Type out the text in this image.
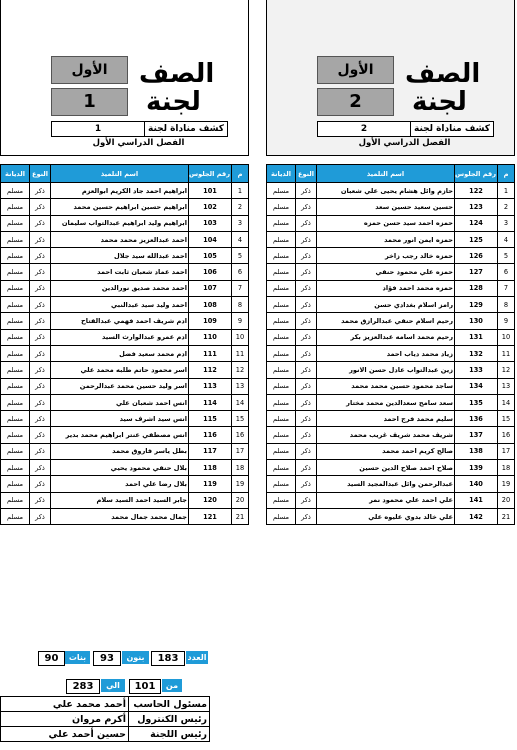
الصف
لجنة
الأول
1
كشف مناداة لجنة
1
الفصل الدراسي الأول
م	رقم الجلوس	اسم التلميذ	النوع	الديانة
1	101	ابراهيم احمد جاد الكريم ابوالعزم	ذكر	مسلم
2	102	ابراهيم حسين ابراهيم حسين محمد	ذكر	مسلم
3	103	ابراهيم وليد ابراهيم عبدالتواب سليمان	ذكر	مسلم
4	104	احمد عبدالعزيز محمد محمد	ذكر	مسلم
5	105	احمد عبدالله سيد جلال	ذكر	مسلم
6	106	احمد عماد شعبان ثابت احمد	ذكر	مسلم
7	107	احمد محمد صديق نورالدين	ذكر	مسلم
8	108	احمد وليد سيد عبدالنبي	ذكر	مسلم
9	109	ادم شريف احمد فهمي عبدالفتاح	ذكر	مسلم
10	110	ادم عمرو عبدالوارث السيد	ذكر	مسلم
11	111	ادم محمد سعيد فضل	ذكر	مسلم
12	112	اسر محمود حاتم طلبه محمد علي	ذكر	مسلم
13	113	اسر وليد حسين محمد عبدالرحمن	ذكر	مسلم
14	114	انس احمد شعبان علي	ذكر	مسلم
15	115	انس سيد اشرف سيد	ذكر	مسلم
16	116	انس مصطفي عنتر ابراهيم محمد بدير	ذكر	مسلم
17	117	بطل ياسر فاروق محمد	ذكر	مسلم
18	118	بلال حنفي محمود يحيي	ذكر	مسلم
19	119	بلال رضا علي احمد	ذكر	مسلم
20	120	جابر السيد احمد السيد سلام	ذكر	مسلم
21	121	جمال محمد جمال محمد	ذكر	مسلم
الصف
لجنة
الأول
2
كشف مناداة لجنة
2
الفصل الدراسي الأول
م	رقم الجلوس	اسم التلميذ	النوع	الديانة
1	122	حازم وائل هشام يحيى علي شعبان	ذكر	مسلم
2	123	حسين سعيد حسين سعد	ذكر	مسلم
3	124	حمزه احمد سيد حسن حمزه	ذكر	مسلم
4	125	حمزه ايمن انور محمد	ذكر	مسلم
5	126	حمزه خالد رجب زاخر	ذكر	مسلم
6	127	حمزه علي محمود حنفي	ذكر	مسلم
7	128	حمزه محمد احمد فؤاد	ذكر	مسلم
8	129	رامز اسلام بغدادي حسن	ذكر	مسلم
9	130	رحيم اسلام حنفي عبدالرازق محمد	ذكر	مسلم
10	131	رحيم محمد اسامه عبدالعزيز بكر	ذكر	مسلم
11	132	زياد محمد دياب احمد	ذكر	مسلم
12	133	زين عبدالتواب عادل حسن الانور	ذكر	مسلم
13	134	ساجد محمود حسين محمد محمد	ذكر	مسلم
14	135	سعد سامح سعدالدين محمد مختار	ذكر	مسلم
15	136	سليم محمد فرج احمد	ذكر	مسلم
16	137	شريف محمد شريف غريب محمد	ذكر	مسلم
17	138	صالح كريم احمد محمد	ذكر	مسلم
18	139	صلاح احمد صلاح الدين حسين	ذكر	مسلم
19	140	عبدالرحمن وائل عبدالمجيد السيد	ذكر	مسلم
20	141	علي احمد علي محمود نمر	ذكر	مسلم
21	142	علي خالد بدوي عليوه علي	ذكر	مسلم
العدد
183
بنون
93
بنات
90
من
101
الي
283
مسئول الحاسب	أحمد محمد علي
رئيس الكنترول	أكرم مروان
رئيس اللجنة	حسين أحمد علي
